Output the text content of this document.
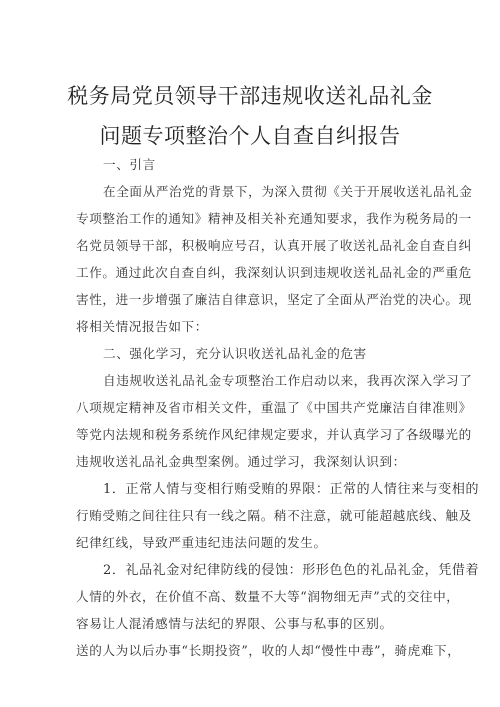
税务局党员领导干部违规收送礼品礼金
问题专项整治个人自查自纠报告
一、引言
在全面从严治党的背景下，为深入贯彻《关于开展收送礼品礼金
专项整治工作的通知》精神及相关补充通知要求，我作为税务局的一
名党员领导干部，积极响应号召，认真开展了收送礼品礼金自查自纠
工作。通过此次自查自纠，我深刻认识到违规收送礼品礼金的严重危
害性，进一步增强了廉洁自律意识，坚定了全面从严治党的决心。现
将相关情况报告如下：
二、强化学习，充分认识收送礼品礼金的危害
自违规收送礼品礼金专项整治工作启动以来，我再次深入学习了
八项规定精神及省市相关文件，重温了《中国共产党廉洁自律准则》
等党内法规和税务系统作风纪律规定要求，并认真学习了各级曝光的
违规收送礼品礼金典型案例。通过学习，我深刻认识到：
1．正常人情与变相行贿受贿的界限：正常的人情往来与变相的
行贿受贿之间往往只有一线之隔。稍不注意，就可能超越底线、触及
纪律红线，导致严重违纪违法问题的发生。
2．礼品礼金对纪律防线的侵蚀：形形色色的礼品礼金，凭借着
人情的外衣，在价值不高、数量不大等“润物细无声”式的交往中，
容易让人混淆感情与法纪的界限、公事与私事的区别。
送的人为以后办事“长期投资”，收的人却“慢性中毒”，骑虎难下，
